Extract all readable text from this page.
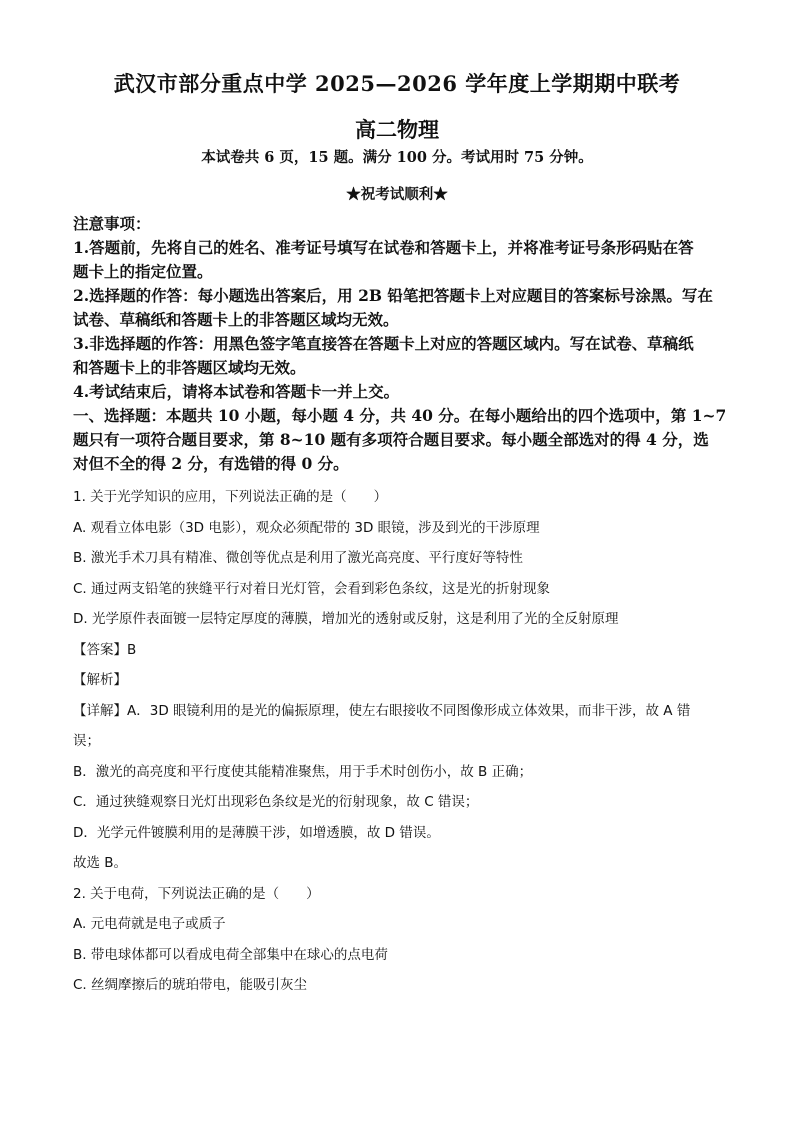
武汉市部分重点中学 2025—2026 学年度上学期期中联考
高二物理
本试卷共 6 页，15 题。满分 100 分。考试用时 75 分钟。
★祝考试顺利★
注意事项：
1.答题前，先将自己的姓名、准考证号填写在试卷和答题卡上，并将准考证号条形码贴在答
题卡上的指定位置。
2.选择题的作答：每小题选出答案后，用 2B 铅笔把答题卡上对应题目的答案标号涂黑。写在
试卷、草稿纸和答题卡上的非答题区域均无效。
3.非选择题的作答：用黑色签字笔直接答在答题卡上对应的答题区域内。写在试卷、草稿纸
和答题卡上的非答题区域均无效。
4.考试结束后，请将本试卷和答题卡一并上交。
一、选择题：本题共 10 小题，每小题 4 分，共 40 分。在每小题给出的四个选项中，第 1~7
题只有一项符合题目要求，第 8~10 题有多项符合题目要求。每小题全部选对的得 4 分，选
对但不全的得 2 分，有选错的得 0 分。
1. 关于光学知识的应用，下列说法正确的是（　　）
A. 观看立体电影（3D 电影），观众必须配带的 3D 眼镜，涉及到光的干涉原理
B. 激光手术刀具有精准、微创等优点是利用了激光高亮度、平行度好等特性
C. 通过两支铅笔的狭缝平行对着日光灯管，会看到彩色条纹，这是光的折射现象
D. 光学原件表面镀一层特定厚度的薄膜，增加光的透射或反射，这是利用了光的全反射原理
【答案】B
【解析】
【详解】A．3D 眼镜利用的是光的偏振原理，使左右眼接收不同图像形成立体效果，而非干涉，故 A 错
误；
B．激光的高亮度和平行度使其能精准聚焦，用于手术时创伤小，故 B 正确；
C．通过狭缝观察日光灯出现彩色条纹是光的衍射现象，故 C 错误；
D．光学元件镀膜利用的是薄膜干涉，如增透膜，故 D 错误。
故选 B。
2. 关于电荷，下列说法正确的是（　　）
A. 元电荷就是电子或质子
B. 带电球体都可以看成电荷全部集中在球心的点电荷
C. 丝绸摩擦后的琥珀带电，能吸引灰尘
